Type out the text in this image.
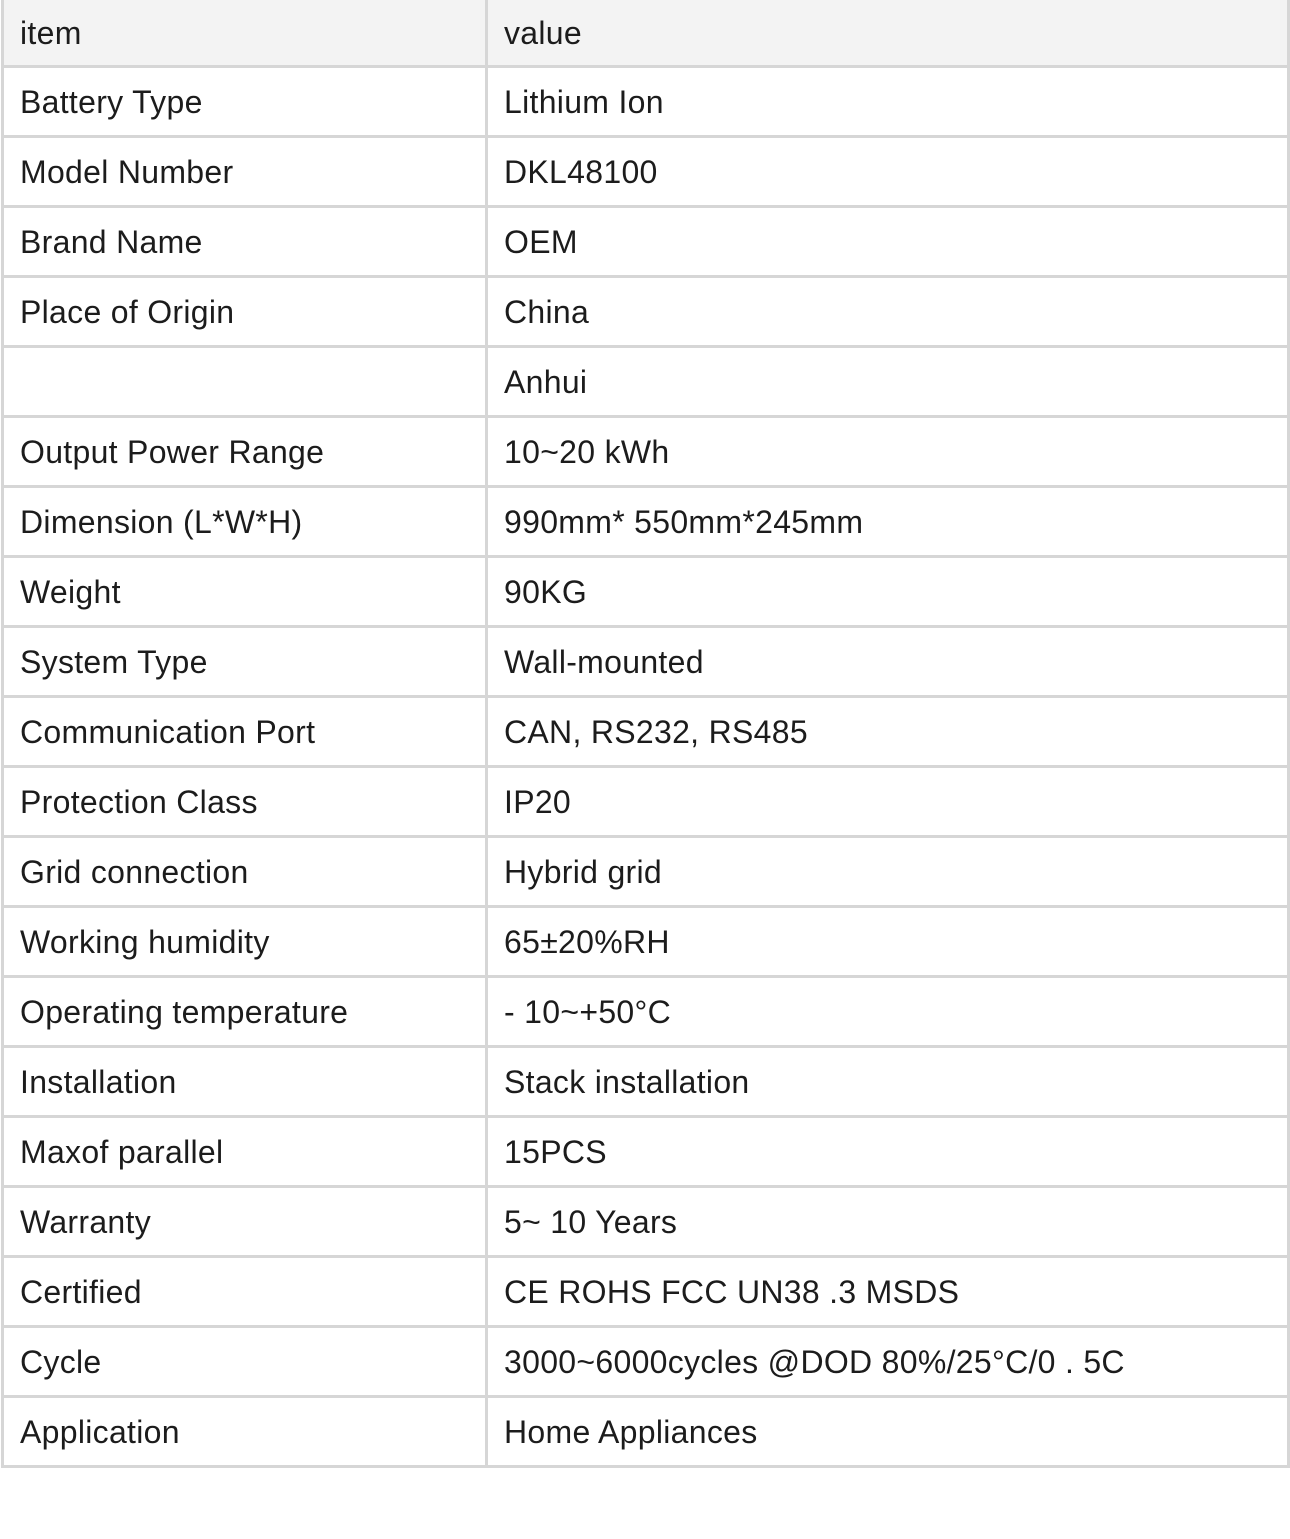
item	value
Battery Type	Lithium Ion
Model Number	DKL48100
Brand Name	OEM
Place of Origin	China
	Anhui
Output Power Range	10~20 kWh
Dimension (L*W*H)	990mm* 550mm*245mm
Weight	90KG
System Type	Wall-mounted
Communication Port	CAN, RS232, RS485
Protection Class	IP20
Grid connection	Hybrid grid
Working humidity	65±20%RH
Operating temperature	- 10~+50°C
Installation	Stack installation
Maxof parallel	15PCS
Warranty	5~ 10 Years
Certified	CE ROHS FCC UN38 .3 MSDS
Cycle	3000~6000cycles @DOD 80%/25°C/0 . 5C
Application	Home Appliances
